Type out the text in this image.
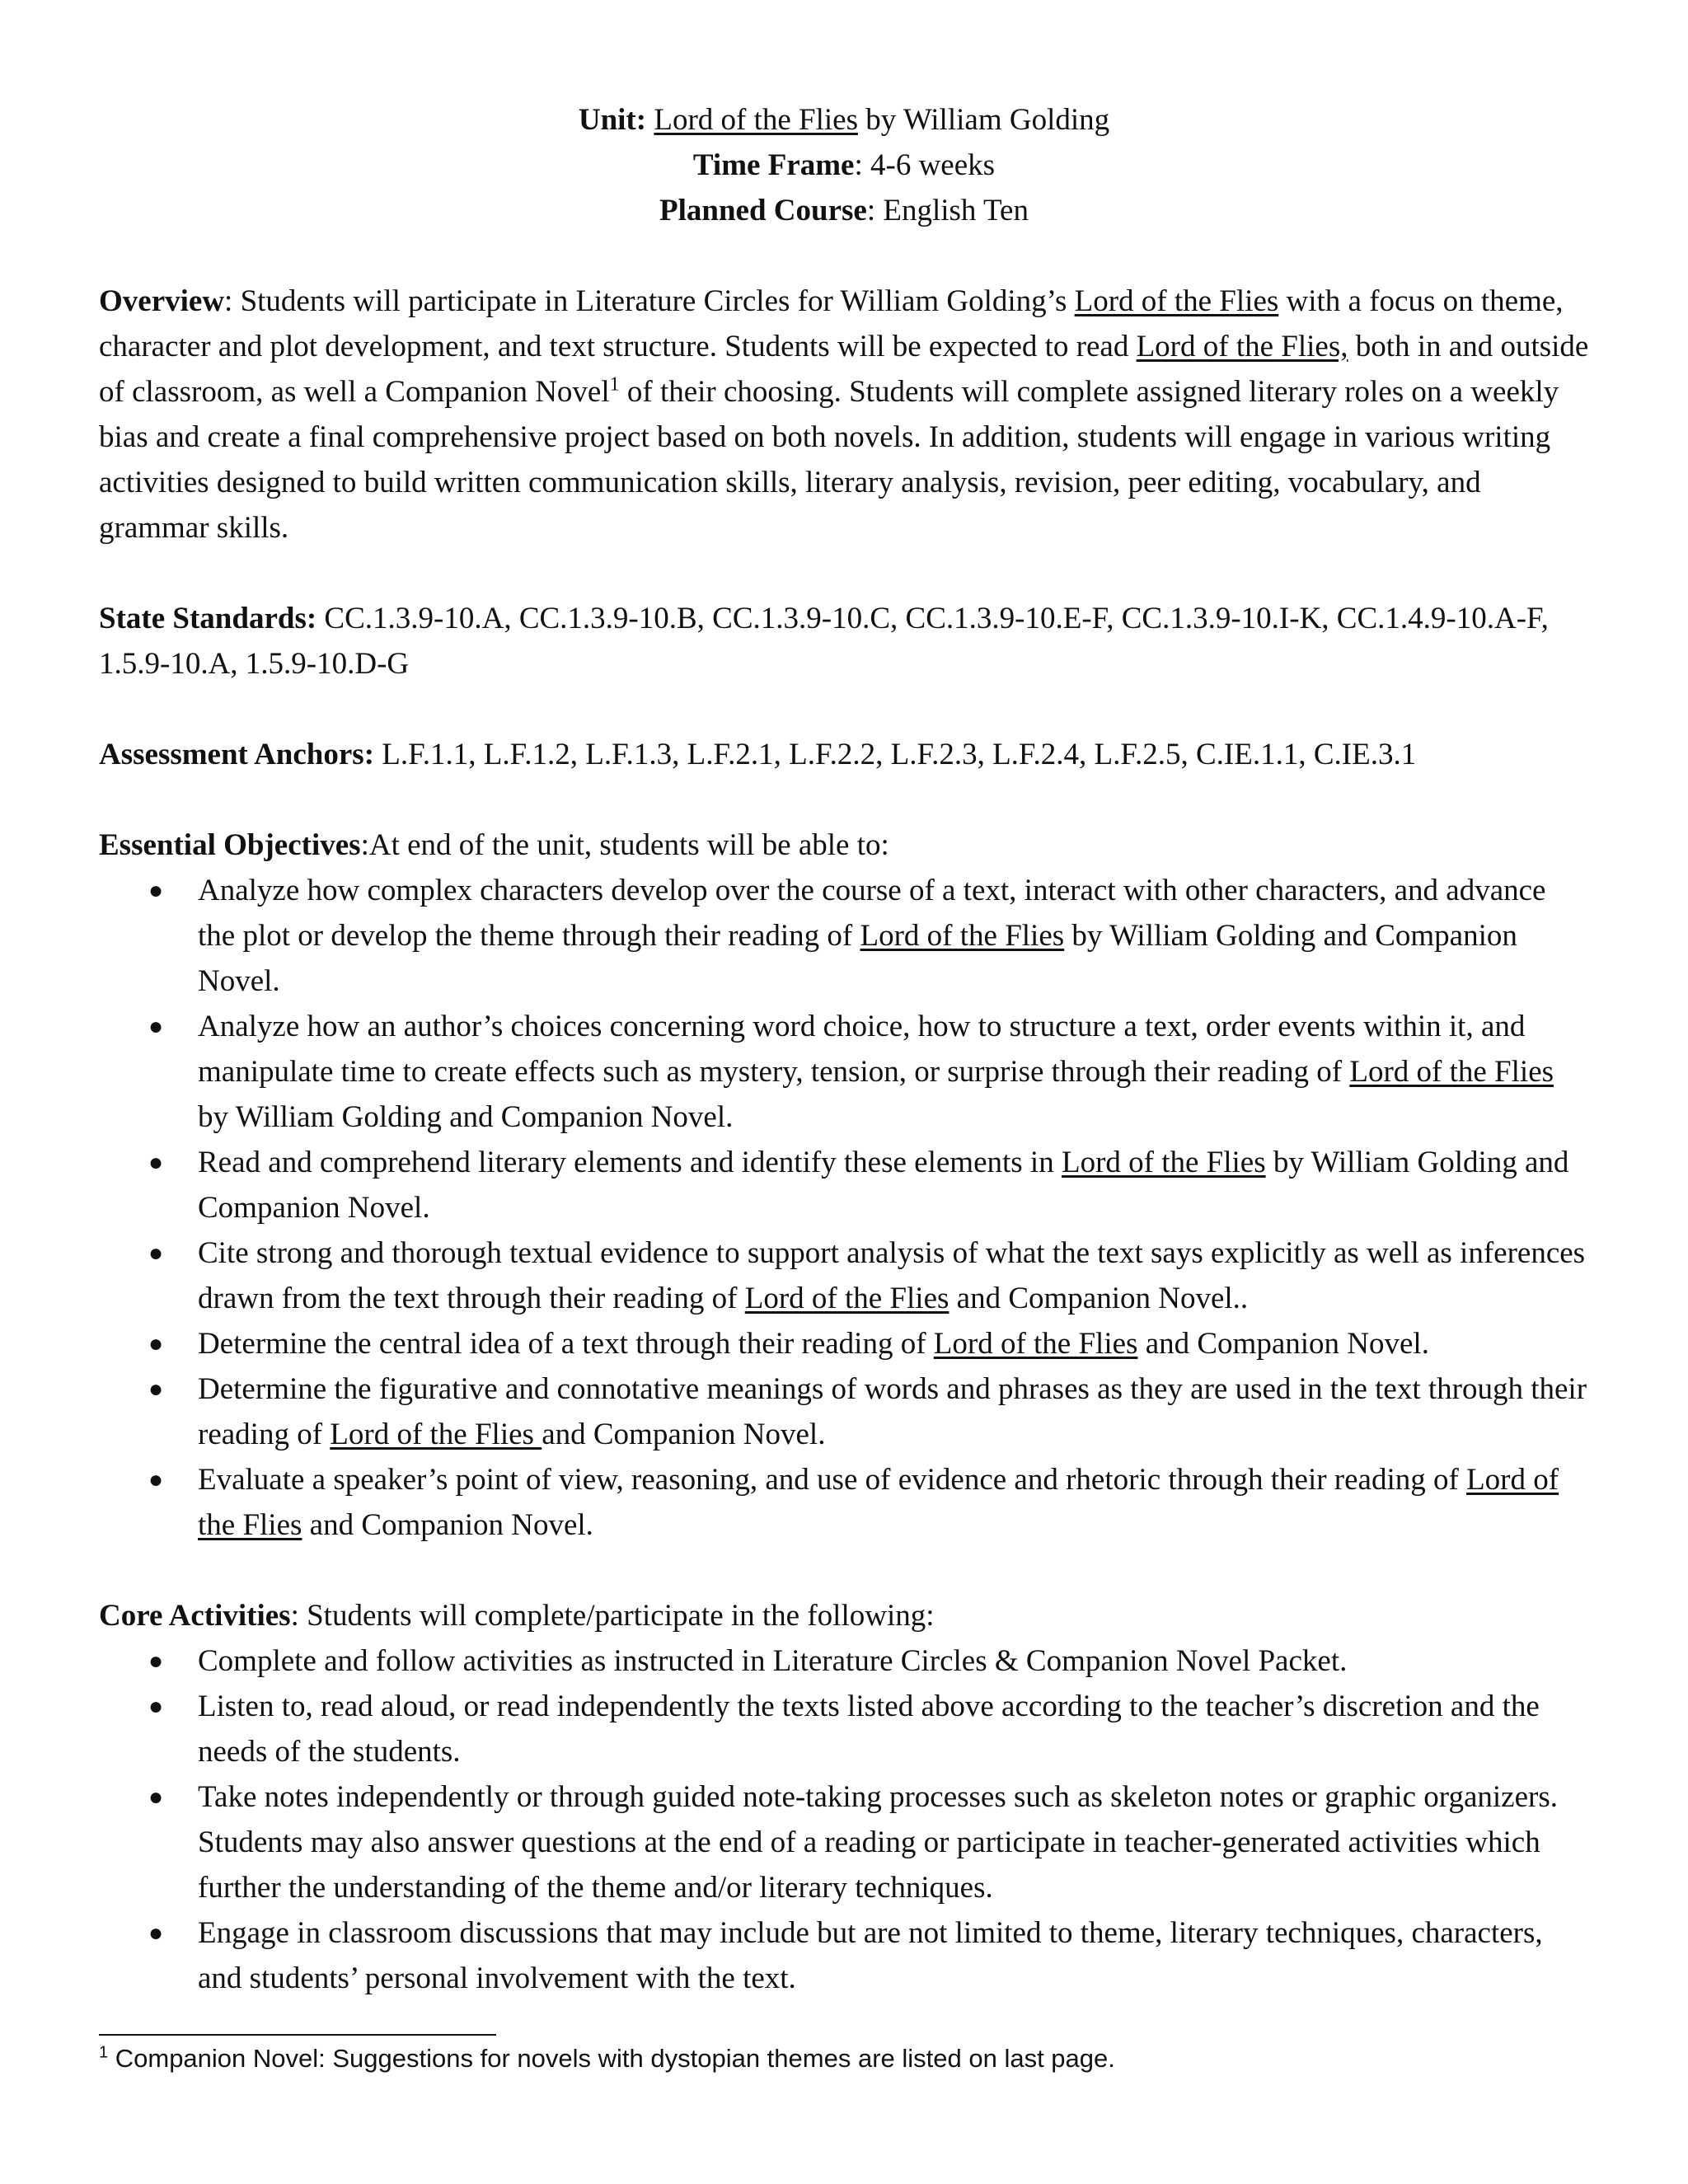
Unit: Lord of the Flies by William Golding
Time Frame: 4-6 weeks
Planned Course: English Ten

Overview: Students will participate in Literature Circles for William Golding’s Lord of the Flies with a focus on theme, character and plot development, and text structure. Students will be expected to read Lord of the Flies, both in and outside of classroom, as well a Companion Novel$^1$ of their choosing. Students will complete assigned literary roles on a weekly bias and create a final comprehensive project based on both novels. In addition, students will engage in various writing activities designed to build written communication skills, literary analysis, revision, peer editing, vocabulary, and grammar skills.

State Standards: CC.1.3.9-10.A, CC.1.3.9-10.B, CC.1.3.9-10.C, CC.1.3.9-10.E-F, CC.1.3.9-10.I-K, CC.1.4.9-10.A-F, 1.5.9-10.A, 1.5.9-10.D-G

Assessment Anchors: L.F.1.1, L.F.1.2, L.F.1.3, L.F.2.1, L.F.2.2, L.F.2.3, L.F.2.4, L.F.2.5, C.IE.1.1, C.IE.3.1

Essential Objectives:At end of the unit, students will be able to:
● Analyze how complex characters develop over the course of a text, interact with other characters, and advance the plot or develop the theme through their reading of Lord of the Flies by William Golding and Companion Novel.
● Analyze how an author’s choices concerning word choice, how to structure a text, order events within it, and manipulate time to create effects such as mystery, tension, or surprise through their reading of Lord of the Flies by William Golding and Companion Novel.
● Read and comprehend literary elements and identify these elements in Lord of the Flies by William Golding and Companion Novel.
● Cite strong and thorough textual evidence to support analysis of what the text says explicitly as well as inferences drawn from the text through their reading of Lord of the Flies and Companion Novel..
● Determine the central idea of a text through their reading of Lord of the Flies and Companion Novel.
● Determine the figurative and connotative meanings of words and phrases as they are used in the text through their reading of Lord of the Flies and Companion Novel.
● Evaluate a speaker’s point of view, reasoning, and use of evidence and rhetoric through their reading of Lord of the Flies and Companion Novel.
Core Activities: Students will complete/participate in the following:
● Complete and follow activities as instructed in Literature Circles & Companion Novel Packet.
● Listen to, read aloud, or read independently the texts listed above according to the teacher’s discretion and the needs of the students.
● Take notes independently or through guided note-taking processes such as skeleton notes or graphic organizers. Students may also answer questions at the end of a reading or participate in teacher-generated activities which further the understanding of the theme and/or literary techniques.
● Engage in classroom discussions that may include but are not limited to theme, literary techniques, characters, and students’ personal involvement with the text.
$^1$ Companion Novel: Suggestions for novels with dystopian themes are listed on last page.
